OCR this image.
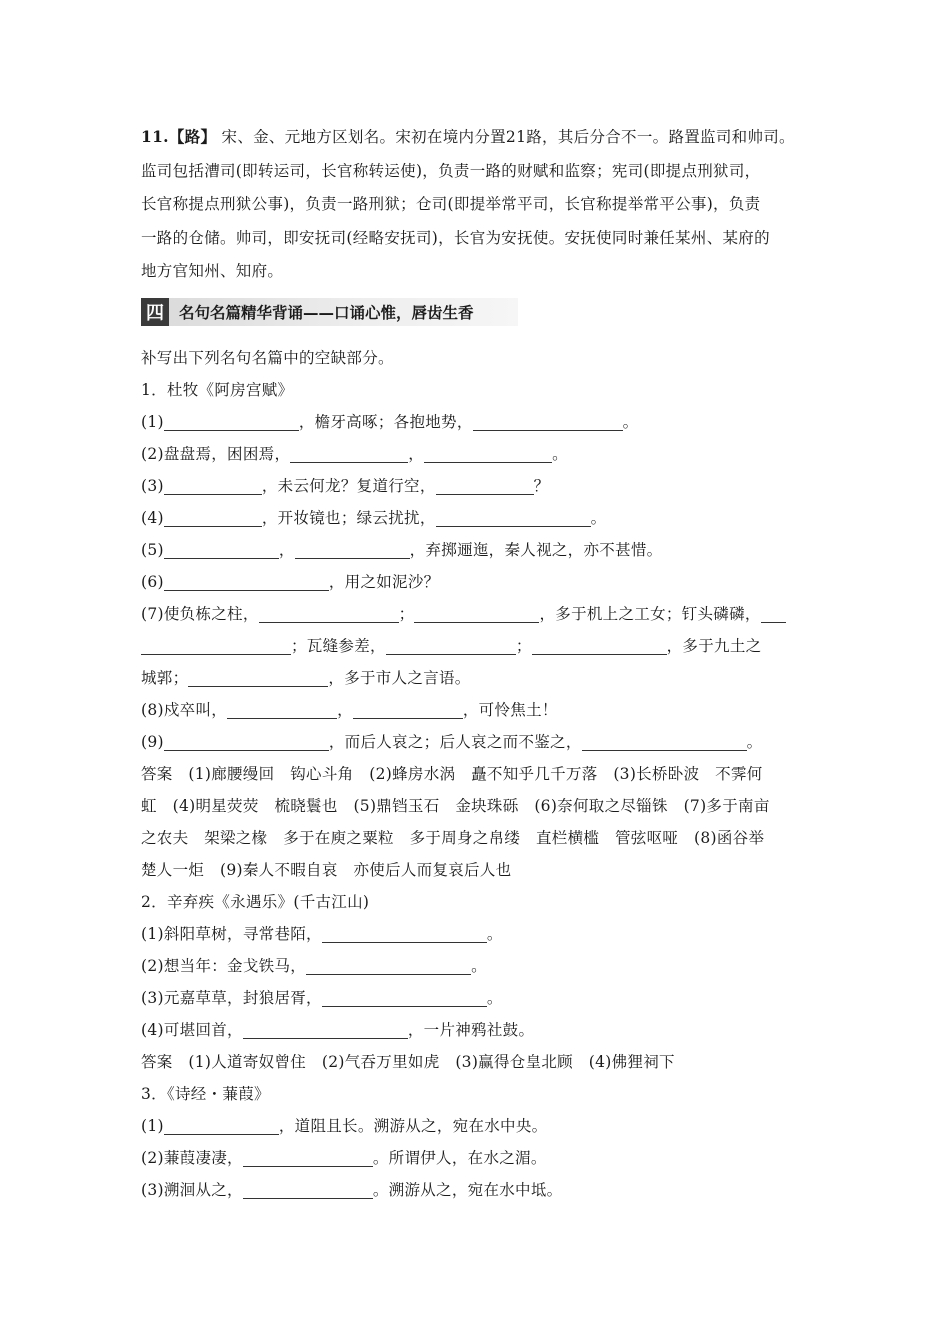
11.【路】 宋、金、元地方区划名。宋初在境内分置21路，其后分合不一。路置监司和帅司。

监司包括漕司(即转运司，长官称转运使)，负责一路的财赋和监察；宪司(即提点刑狱司，

长官称提点刑狱公事)，负责一路刑狱；仓司(即提举常平司，长官称提举常平公事)，负责

一路的仓储。帅司，即安抚司(经略安抚司)，长官为安抚使。安抚使同时兼任某州、某府的

地方官知州、知府。

四 名句名篇精华背诵——口诵心惟，唇齿生香
补写出下列名句名篇中的空缺部分。
1．杜牧《阿房宫赋》
(1)	，檐牙高啄；各抱地势，	。
(2)盘盘焉，困困焉，	，	。
(3)	，未云何龙？复道行空，	？
(4)	，开妆镜也；绿云扰扰，	。
(5)	，	，弃掷逦迤，秦人视之，亦不甚惜。
(6)	，用之如泥沙？
(7)使负栋之柱，	；	，多于机上之工女；钉头磷磷，
；瓦缝参差，	；	，多于九土之
城郭；	，多于市人之言语。
(8)戍卒叫，	，	，可怜焦土！
(9)	，而后人哀之；后人哀之而不鉴之，	。
答案　(1)廊腰缦回　钩心斗角　(2)蜂房水涡　矗不知乎几千万落　(3)长桥卧波　不霁何
虹　(4)明星荧荧　梳晓鬟也　(5)鼎铛玉石　金块珠砾　(6)奈何取之尽锱铢　(7)多于南亩
之农夫　架梁之椽　多于在庾之粟粒　多于周身之帛缕　直栏横槛　管弦呕哑　(8)函谷举
楚人一炬　(9)秦人不暇自哀　亦使后人而复哀后人也
2．辛弃疾《永遇乐》(千古江山)
(1)斜阳草树，寻常巷陌，	。
(2)想当年：金戈铁马，	。
(3)元嘉草草，封狼居胥，	。
(4)可堪回首，	，一片神鸦社鼓。
答案　(1)人道寄奴曾住　(2)气吞万里如虎　(3)赢得仓皇北顾　(4)佛狸祠下
3．《诗经・蒹葭》
(1)	，道阻且长。溯游从之，宛在水中央。
(2)蒹葭凄凄，	。所谓伊人，在水之湄。
(3)溯洄从之，	。溯游从之，宛在水中坻。
